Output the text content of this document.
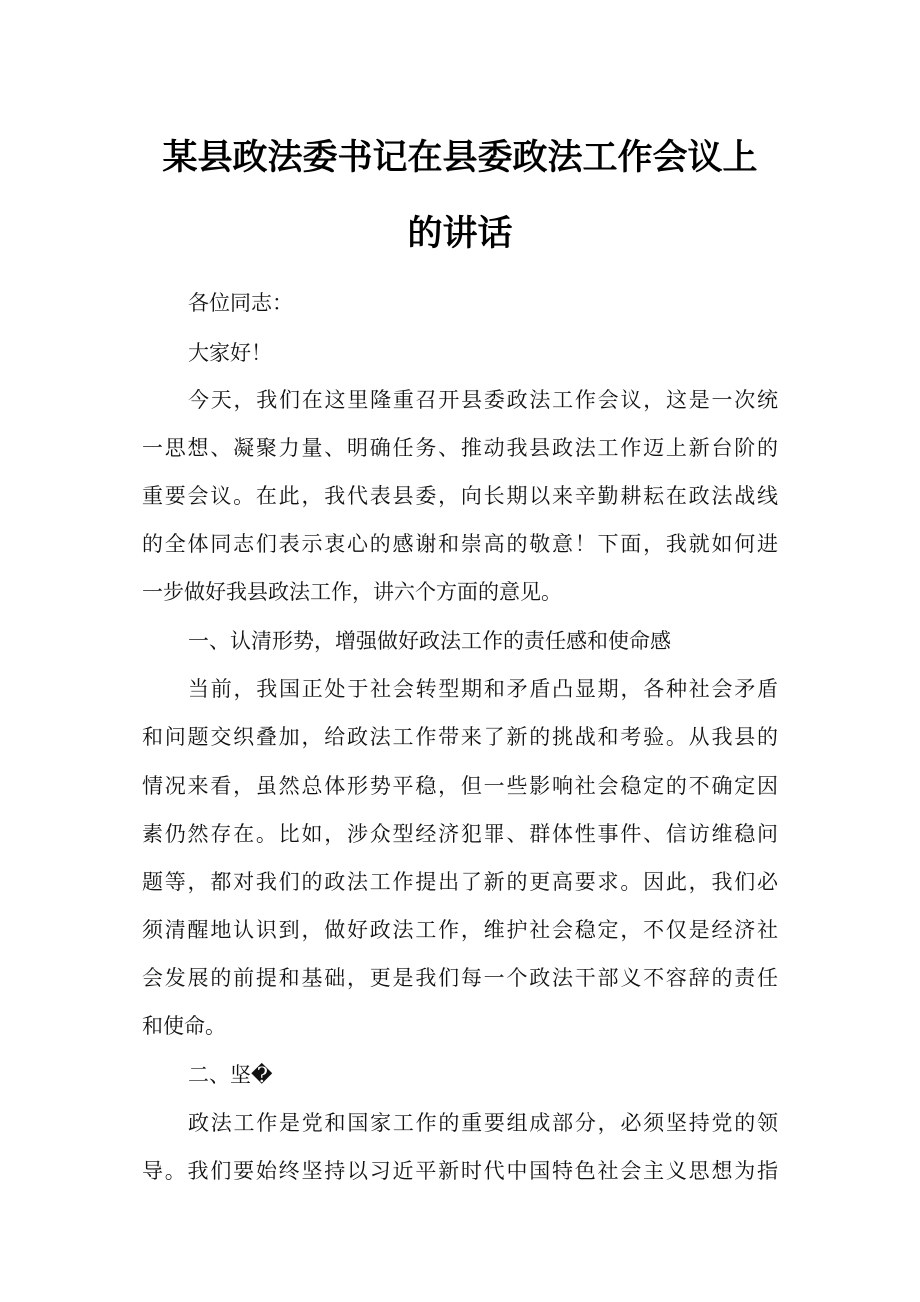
某县政法委书记在县委政法工作会议上
的讲话

各位同志：

大家好！

今天，我们在这里隆重召开县委政法工作会议，这是一次统

一思想、凝聚力量、明确任务、推动我县政法工作迈上新台阶的

重要会议。在此，我代表县委，向长期以来辛勤耕耘在政法战线

的全体同志们表示衷心的感谢和崇高的敬意！下面，我就如何进

一步做好我县政法工作，讲六个方面的意见。

一、认清形势，增强做好政法工作的责任感和使命感

当前，我国正处于社会转型期和矛盾凸显期，各种社会矛盾

和问题交织叠加，给政法工作带来了新的挑战和考验。从我县的

情况来看，虽然总体形势平稳，但一些影响社会稳定的不确定因

素仍然存在。比如，涉众型经济犯罪、群体性事件、信访维稳问

题等，都对我们的政法工作提出了新的更高要求。因此，我们必

须清醒地认识到，做好政法工作，维护社会稳定，不仅是经济社

会发展的前提和基础，更是我们每一个政法干部义不容辞的责任

和使命。

二、坚�

政法工作是党和国家工作的重要组成部分，必须坚持党的领

导。我们要始终坚持以习近平新时代中国特色社会主义思想为指
